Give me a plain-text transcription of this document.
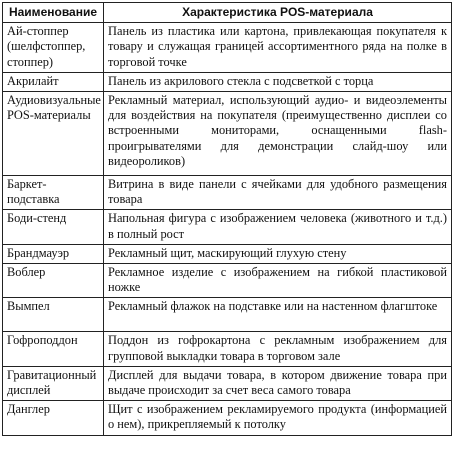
Наименование	Характеристика POS-материала
Ай-стоппер (шелфстоппер, стоппер)	Панель из пластика или картона, привлекающая покупателя к товару и служащая границей ассортиментного ряда на полке в торговой точке
Акрилайт	Панель из акрилового стекла с подсветкой с торца
Аудиовизуальные POS-материалы	Рекламный материал, использующий аудио- и видеоэлементы для воздействия на покупателя (преимущественно дисплеи со встроенными мониторами, оснащенными flash-проигрывателями для демонстрации слайд-шоу или видеороликов)
Баркет-подставка	Витрина в виде панели с ячейками для удобного размещения товара
Боди-стенд	Напольная фигура с изображением человека (животного и т.д.) в полный рост
Брандмауэр	Рекламный щит, маскирующий глухую стену
Воблер	Рекламное изделие с изображением на гибкой пластиковой ножке
Вымпел	Рекламный флажок на подставке или на настенном флагштоке
Гофроподдон	Поддон из гофрокартона с рекламным изображением для групповой выкладки товара в торговом зале
Гравитационный дисплей	Дисплей для выдачи товара, в котором движение товара при выдаче происходит за счет веса самого товара
Данглер	Щит с изображением рекламируемого продукта (информацией о нем), прикрепляемый к потолку
